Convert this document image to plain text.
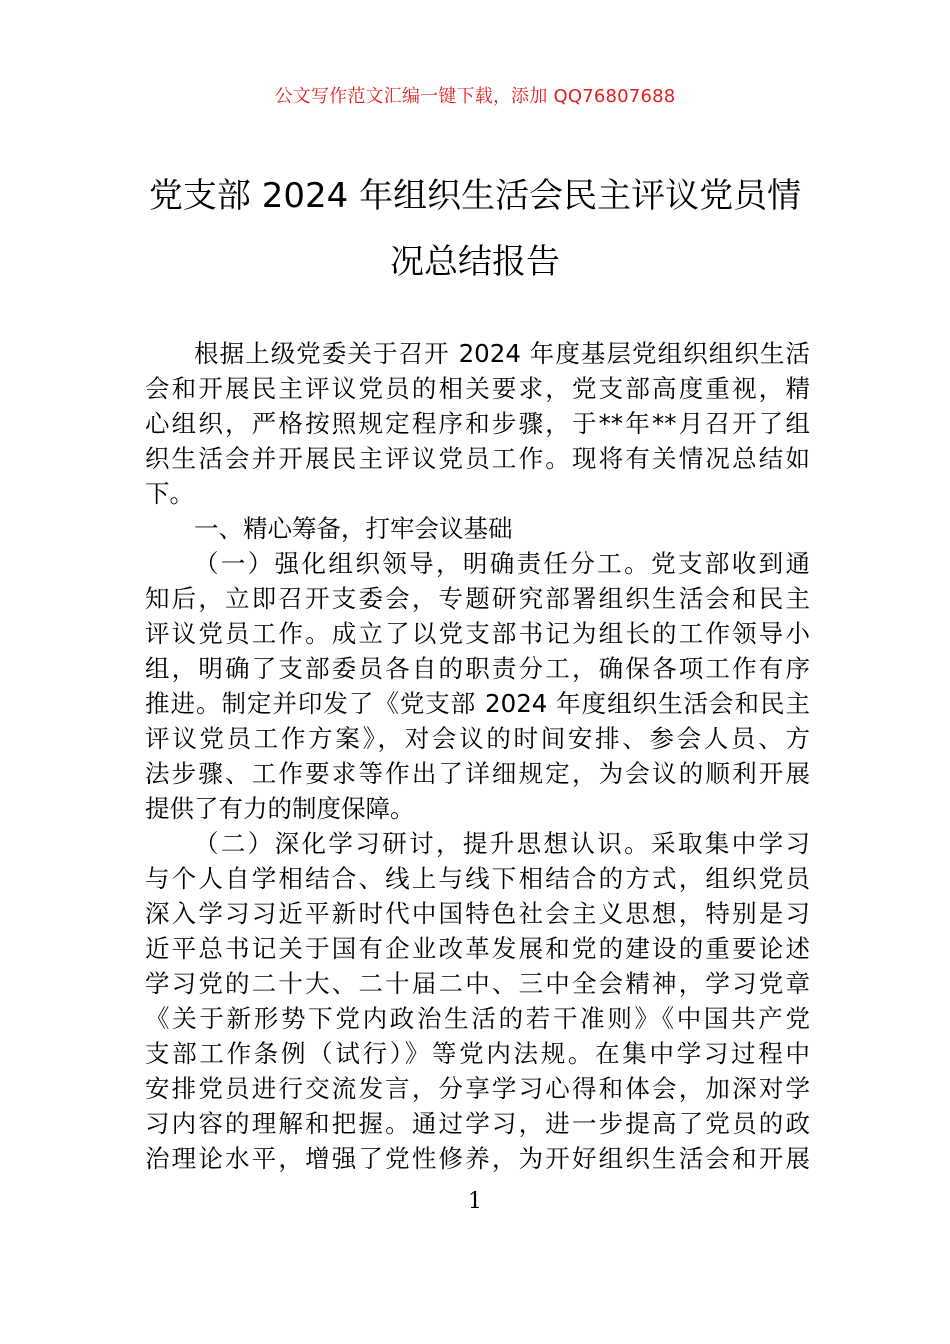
公文写作范文汇编一键下载，添加 QQ76807688
党支部 2024 年组织生活会民主评议党员情
况总结报告
根据上级党委关于召开 2024 年度基层党组织组织生活
会和开展民主评议党员的相关要求，党支部高度重视，精
心组织，严格按照规定程序和步骤，于**年**月召开了组
织生活会并开展民主评议党员工作。现将有关情况总结如
下。
一、精心筹备，打牢会议基础
（一）强化组织领导，明确责任分工。党支部收到通
知后，立即召开支委会，专题研究部署组织生活会和民主
评议党员工作。成立了以党支部书记为组长的工作领导小
组，明确了支部委员各自的职责分工，确保各项工作有序
推进。制定并印发了《党支部 2024 年度组织生活会和民主
评议党员工作方案》，对会议的时间安排、参会人员、方
法步骤、工作要求等作出了详细规定，为会议的顺利开展
提供了有力的制度保障。
（二）深化学习研讨，提升思想认识。采取集中学习
与个人自学相结合、线上与线下相结合的方式，组织党员
深入学习习近平新时代中国特色社会主义思想，特别是习
近平总书记关于国有企业改革发展和党的建设的重要论述
学习党的二十大、二十届二中、三中全会精神，学习党章
《关于新形势下党内政治生活的若干准则》《中国共产党
支部工作条例（试行）》等党内法规。在集中学习过程中
安排党员进行交流发言，分享学习心得和体会，加深对学
习内容的理解和把握。通过学习，进一步提高了党员的政
治理论水平，增强了党性修养，为开好组织生活会和开展
1
